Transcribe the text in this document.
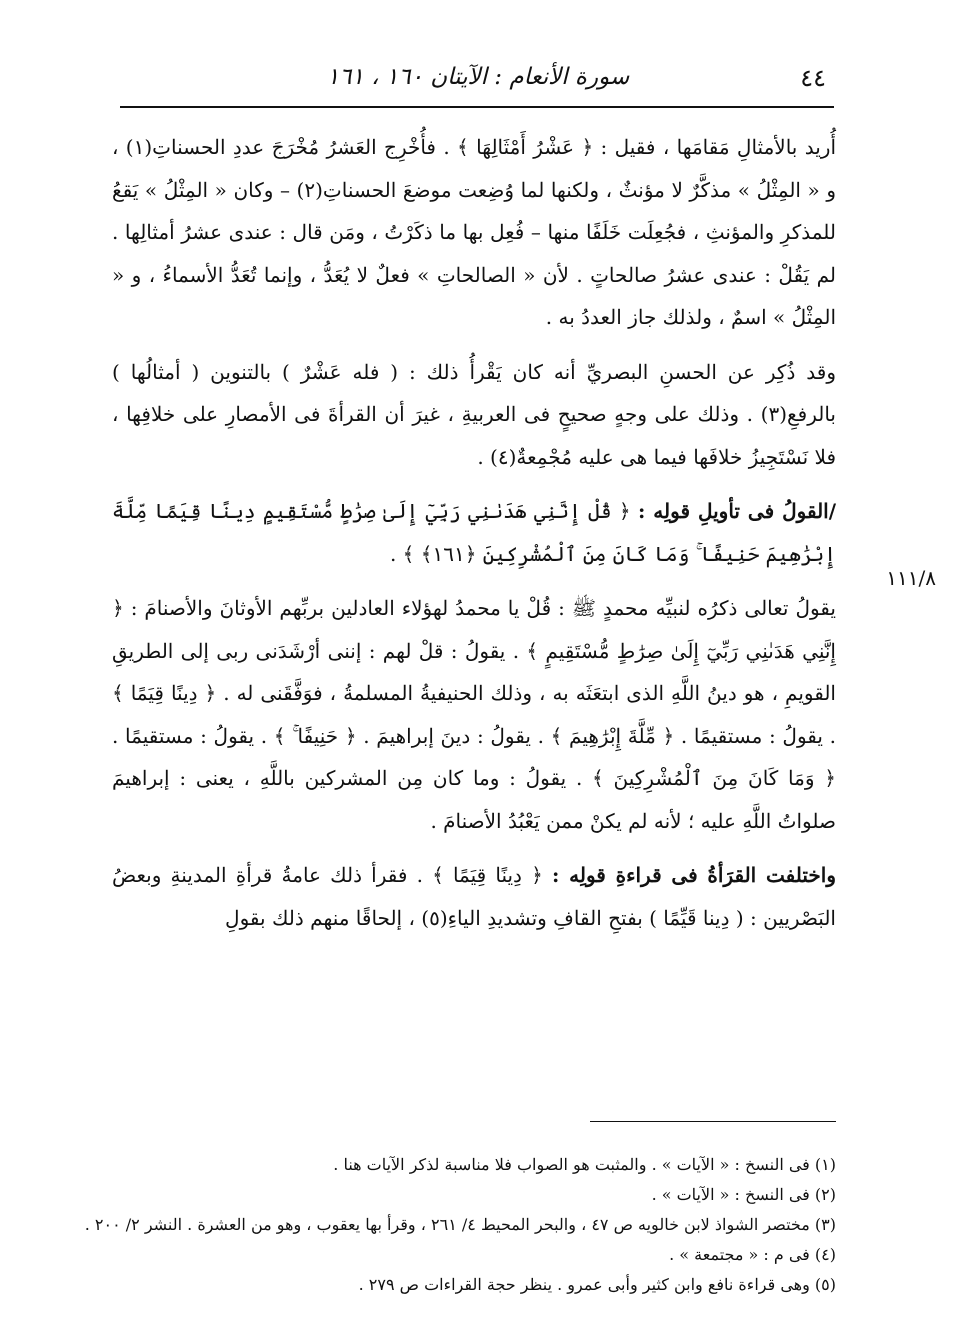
٤٤
سورة الأنعام : الآيتان ١٦٠ ، ١٦١
١١١/٨

أُريد بالأمثالِ مَقامَها ، فقيل : ﴿ عَشْرُ أَمْثَالِهَا ﴾ . فأُخْرِج العَشرُ مُخْرَجَ عددِ الحسناتِ(١) ، و « المِثْلُ » مذكَّرٌ لا مؤنثٌ ، ولكنها لما وُضِعت موضعَ الحسناتِ(٢) – وكان « المِثْلُ » يَقعُ للمذكرِ والمؤنثِ ، فجُعِلَت خَلَفًا منها – فُعِل بها ما ذكَرْتُ ، ومَن قال : عندى عشرُ أمثالِها . لم يَقُلْ : عندى عشرُ صالحاتٍ . لأن « الصالحاتِ » فعلٌ لا يُعَدُّ ، وإنما تُعَدُّ الأسماءُ ، و « المِثْلُ » اسمٌ ، ولذلك جاز العددُ به .

وقد ذُكِر عن الحسنِ البصريِّ أنه كان يَقْرأُ ذلك : ( فله عَشْرٌ ) بالتنوين ( أمثالُها ) بالرفعِ(٣) . وذلك على وجهٍ صحيحٍ فى العربيةِ ، غيرَ أن القرأةَ فى الأمصارِ على خلافِها ، فلا نَسْتَجِيزُ خلافَها فيما هى عليه مُجْمِعةٌ(٤) .

/القولُ فى تأويلِ قولِه : ﴿ قُلْ إِنَّنِي هَدَىٰنِي رَبِّيٓ إِلَىٰ صِرَٰطٍ مُّسْتَقِيمٍ دِينًا قِيَمًا مِّلَّةَ إِبْرَٰهِيمَ حَنِيفًا ۚ وَمَا كَانَ مِنَ ٱلْمُشْرِكِينَ ﴿١٦١﴾ ﴾ .

يقولُ تعالى ذكرُه لنبيِّه محمدٍ ﷺ : قُلْ يا محمدُ لهؤلاء العادلين بربِّهم الأوثانَ والأصنامَ : ﴿ إِنَّنِي هَدَىٰنِي رَبِّيٓ إِلَىٰ صِرَٰطٍ مُّسْتَقِيمٍ ﴾ . يقولُ : قلْ لهم : إننى أرْشَدَنى ربى إلى الطريقِ القويمِ ، هو دينُ اللَّهِ الذى ابتعَثَه به ، وذلك الحنيفيةُ المسلمةُ ، فوَفَّقَنى له . ﴿ دِينًا قِيَمًا ﴾ . يقولُ : مستقيمًا . ﴿ مِّلَّةَ إِبْرَٰهِيمَ ﴾ . يقولُ : دينَ إبراهيمَ . ﴿ حَنِيفًا ۚ ﴾ . يقولُ : مستقيمًا . ﴿ وَمَا كَانَ مِنَ ٱلْمُشْرِكِينَ ﴾ . يقولُ : وما كان مِن المشركين باللَّهِ ، يعنى : إبراهيمَ صلواتُ اللَّهِ عليه ؛ لأنه لم يكنْ ممن يَعْبُدُ الأصنامَ .

واختلفت القرَأةُ فى قراءةِ قولِه : ﴿ دِينًا قِيَمًا ﴾ . فقرأ ذلك عامةُ قرأةِ المدينةِ وبعضُ البَصْريين : ( دِينا قَيِّمًا ) بفتحِ القافِ وتشديدِ الياءِ(٥) ، إلحاقًا منهم ذلك بقولِ

(١) فى النسخ : « الآيات » . والمثبت هو الصواب فلا مناسبة لذكر الآيات هنا .
(٢) فى النسخ : « الآيات » .
(٣) مختصر الشواذ لابن خالويه ص ٤٧ ، والبحر المحيط ٤/ ٢٦١ ، وقرأ بها يعقوب ، وهو من العشرة . النشر ٢/ ٢٠٠ .
(٤) فى م : « مجتمعة » .
(٥) وهى قراءة نافع وابن كثير وأبى عمرو . ينظر حجة القراءات ص ٢٧٩ .
